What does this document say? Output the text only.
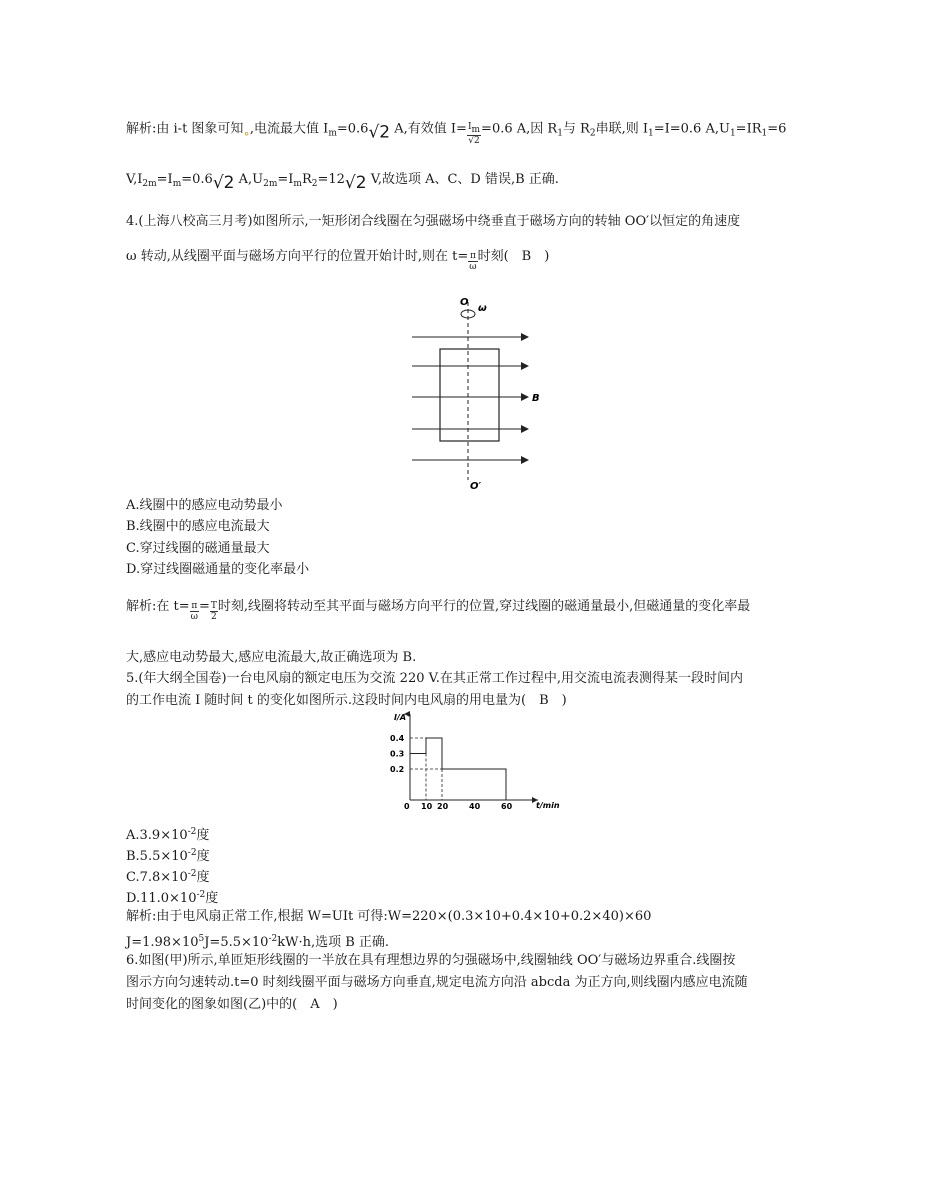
解析:由 i-t 图象可知˳,电流最大值 $I_m=0.6√2$ A,有效值 $I= \frac{Im}{√2} =0.6$ A,因 $R_1$与 $R_2$串联,则 $I_1=I=0.6$ $A,U_1=IR_1=6$
$V,I_{2m}=I_m=0.6√2$ $A,U_{2m}=I_mR_2=12√2$ V,故选项 A、C、D 错误,B 正确.
4.(上海八校高三月考)如图所示,一矩形闭合线圈在匀强磁场中绕垂直于磁场方向的转轴 OO′以恒定的角速度
ω 转动,从线圈平面与磁场方向平行的位置开始计时,则在 $t= \frac{\pi}{\omega}$ 时刻(　B　)
O
ω
B
O′
A.线圈中的感应电动势最小
B.线圈中的感应电流最大
C.穿过线圈的磁通量最大
D.穿过线圈磁通量的变化率最小
解析:在 $t= \frac{\pi}{\omega} = \frac{T}{2}$ 时刻,线圈将转动至其平面与磁场方向平行的位置,穿过线圈的磁通量最小,但磁通量的变化率最
大,感应电动势最大,感应电流最大,故正确选项为 B.
5.(年大纲全国卷)一台电风扇的额定电压为交流 220 V.在其正常工作过程中,用交流电流表测得某一段时间内
的工作电流 I 随时间 t 的变化如图所示.这段时间内电风扇的用电量为(　B　)
I/A
t/min
0 10 20	40	60
0.2
0.3
0.4
$A.3.9\times 10^{-2}$度
$B.5.5\times 10^{-2}$度
$C.7.8\times 10^{-2}$度
$D.11.0\times 10^{-2}$度
解析:由于电风扇正常工作,根据 W=UIt 可得:W=220×(0.3×10+0.4×10+0.2×40)×60
$J=1.98\times 10^5J=5.5\times 10^{-2}kW\cdot h$,选项 B 正确.
6.如图(甲)所示,单匝矩形线圈的一半放在具有理想边界的匀强磁场中,线圈轴线 OO′与磁场边界重合.线圈按
图示方向匀速转动.t=0 时刻线圈平面与磁场方向垂直,规定电流方向沿 abcda 为正方向,则线圈内感应电流随
时间变化的图象如图(乙)中的(　A　)
